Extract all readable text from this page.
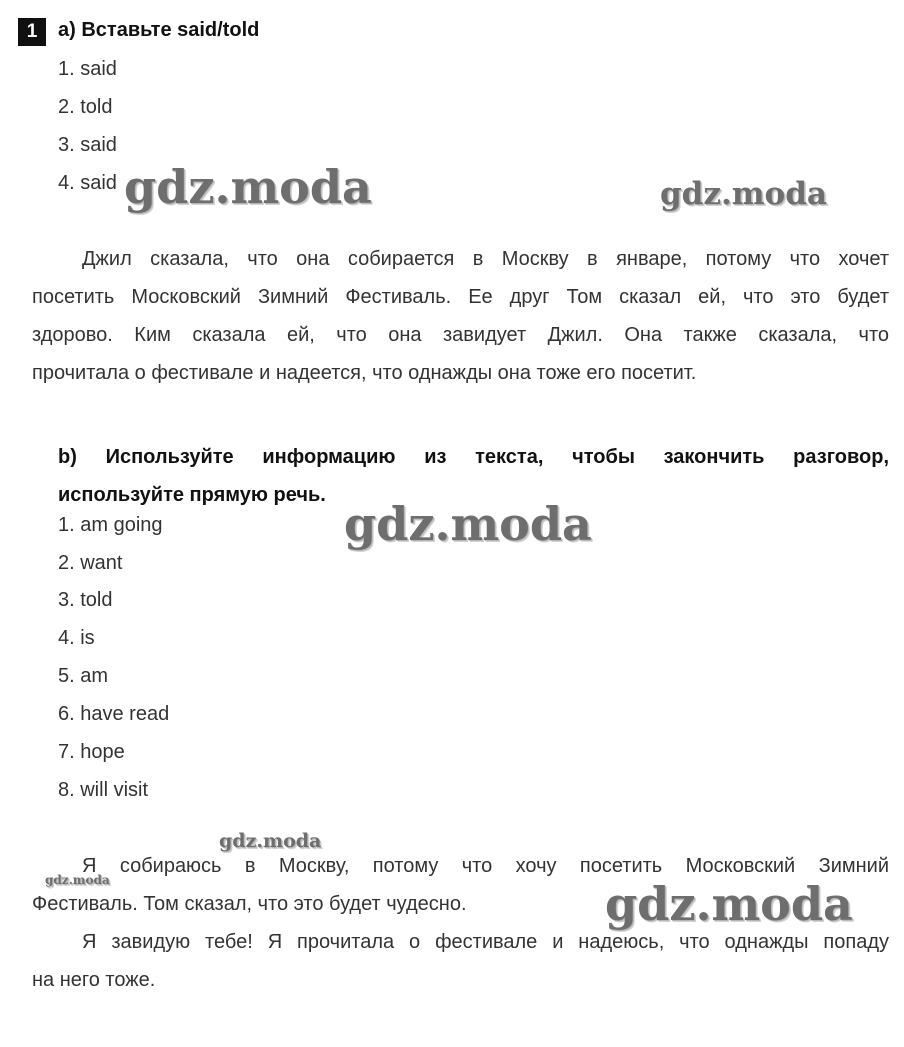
1	a) Вставьте said/told
1. said
2. told
3. said
4. said
Джил сказала, что она собирается в Москву в январе, потому что хочет
посетить Московский Зимний Фестиваль. Ее друг Том сказал ей, что это будет
здорово. Ким сказала ей, что она завидует Джил. Она также сказала, что
прочитала о фестивале и надеется, что однажды она тоже его посетит.
b) Используйте информацию из текста, чтобы закончить разговор,
используйте прямую речь.
1. am going
2. want
3. told
4. is
5. am
6. have read
7. hope
8. will visit
Я собираюсь в Москву, потому что хочу посетить Московский Зимний
Фестиваль. Том сказал, что это будет чудесно.
Я завидую тебе! Я прочитала о фестивале и надеюсь, что однажды попаду
на него тоже.
gdz.moda	gdz.moda
gdz.moda
gdz.moda
gdz.moda	gdz.moda
